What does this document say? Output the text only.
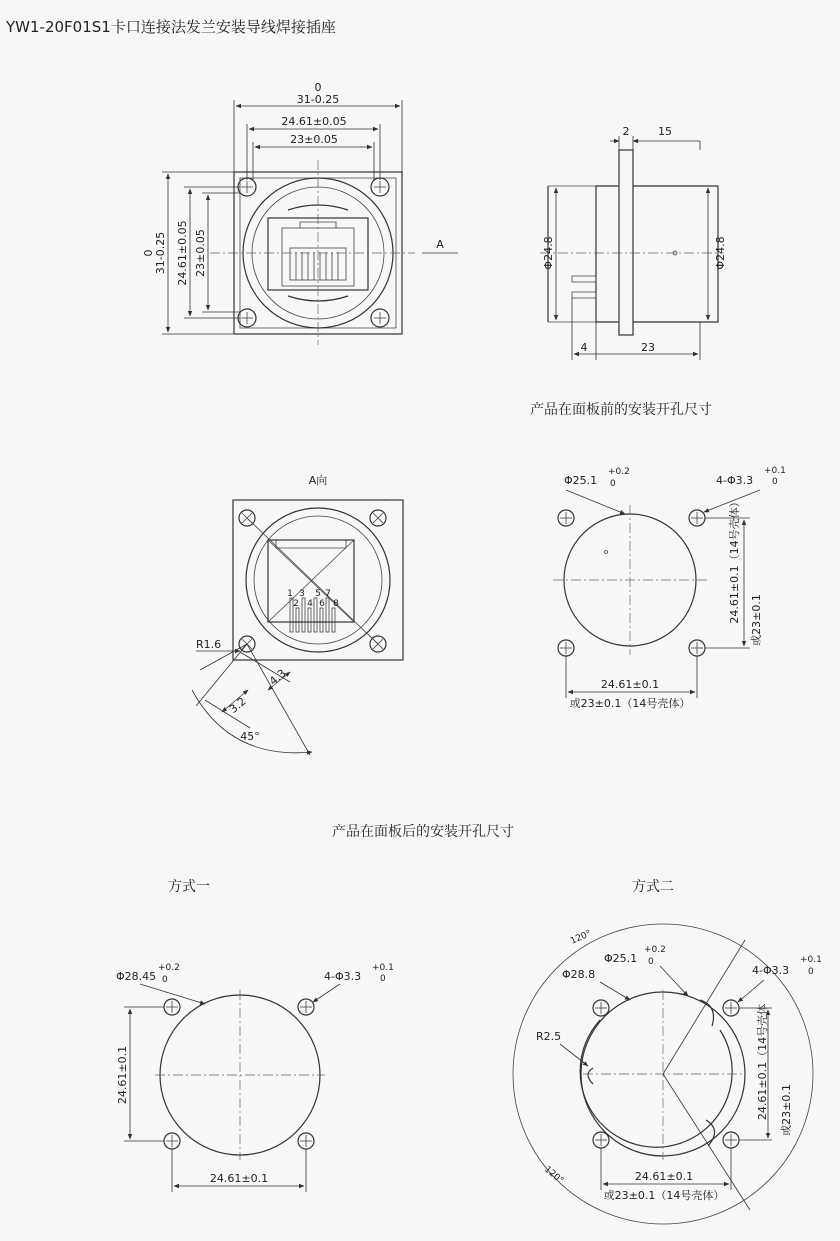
YW1-20F01S1卡口连接法发兰安装导线焊接插座
0
31-0.25
24.61±0.05
23±0.05
0 31-0.25 24.61±0.05 23±0.05	A
2	15
Φ24.8	Φ24.8
4	23
产品在面板前的安装开孔尺寸
A向
1
2
3
4
5
6
7
8
R1.6
4.3
3.2
45°
Φ25.1
+0.2
0	4-Φ3.3
+0.1
0
24.61±0.1（14号壳体） 或23±0.1
24.61±0.1
或23±0.1（14号壳体）
产品在面板后的安装开孔尺寸
方式一
Φ28.45
+0.2
0	4-Φ3.3
+0.1
0
24.61±0.1
24.61±0.1
方式二
120°
120°
Φ25.1
+0.2
0
Φ28.8	4-Φ3.3
+0.1
0
R2.5	24.61±0.1（14号壳体 或23±0.1
24.61±0.1
或23±0.1（14号壳体）
